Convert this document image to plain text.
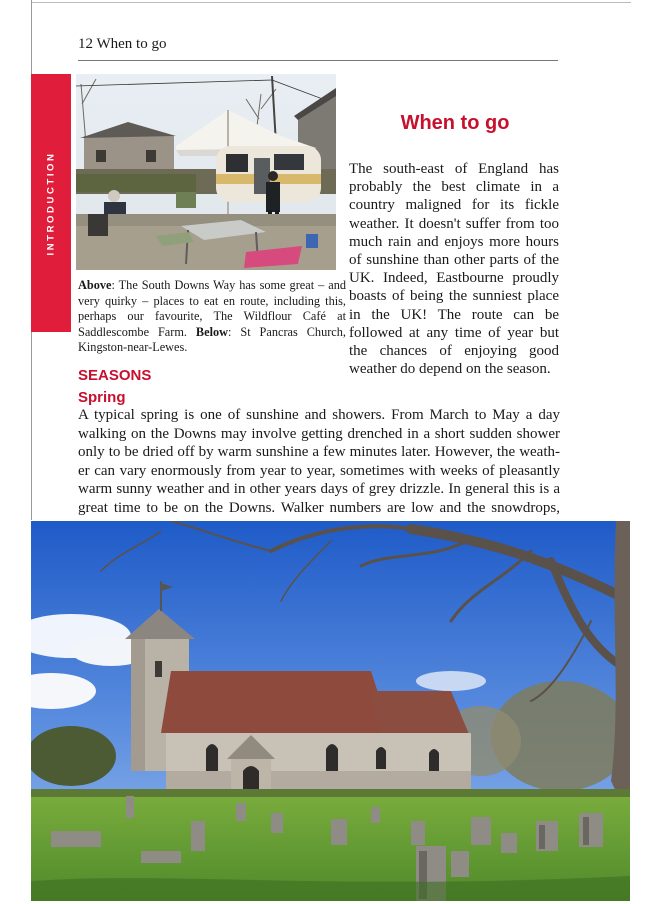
12 When to go
INTRODUCTION
Above: The South Downs Way has some great – and very quirky – places to eat en route, including this, perhaps our favourite, The Wildflour Café at Saddlescombe Farm. Below: St Pancras Church, Kingston-near-Lewes.
When to go
The south-east of England has probably the best climate in a country maligned for its fickle weather. It doesn't suffer from too much rain and enjoys more hours of sunshine than other parts of the UK. Indeed, Eastbourne proudly boasts of being the sunniest place in the UK! The route can be followed at any time of year but the chances of enjoying good weather do depend on the season.
SEASONS
Spring
A typical spring is one of sunshine and showers. From March to May a day
walking on the Downs may involve getting drenched in a short sudden shower
only to be dried off by warm sunshine a few minutes later. However, the weath-
er can vary enormously from year to year, sometimes with weeks of pleasantly
warm sunny weather and in other years days of grey drizzle. In general this is a
great time to be on the Downs. Walker numbers are low and the snowdrops,
